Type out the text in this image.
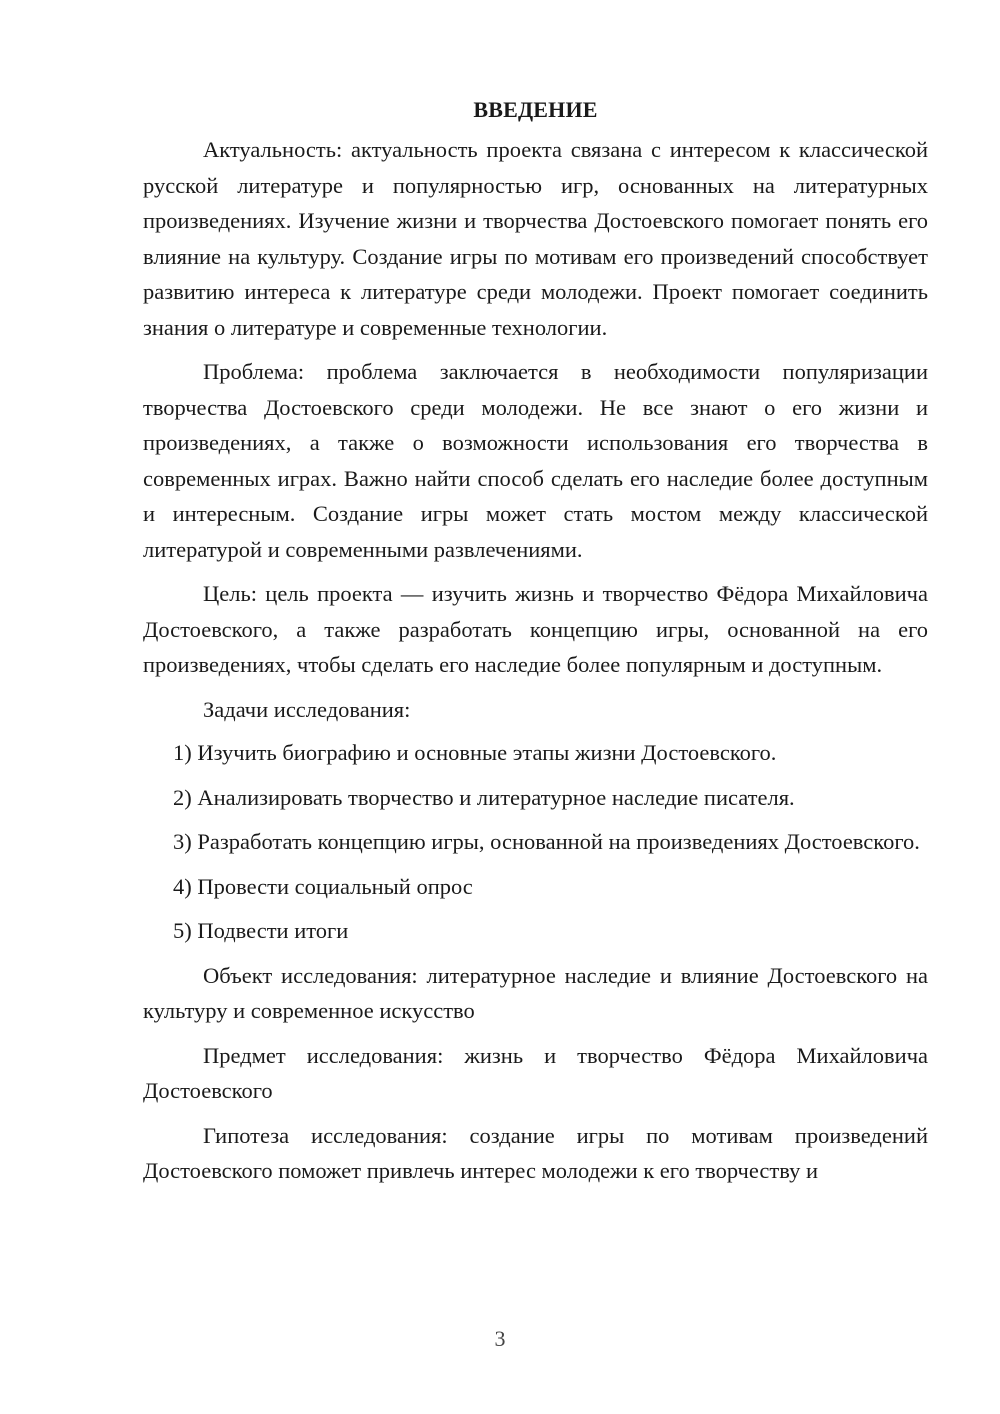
ВВЕДЕНИЕ

Актуальность: актуальность проекта связана с интересом к классической русской литературе и популярностью игр, основанных на литературных произведениях. Изучение жизни и творчества Достоевского помогает понять его влияние на культуру. Создание игры по мотивам его произведений способствует развитию интереса к литературе среди молодежи. Проект помогает соединить знания о литературе и современные технологии.

Проблема: проблема заключается в необходимости популяризации творчества Достоевского среди молодежи. Не все знают о его жизни и произведениях, а также о возможности использования его творчества в современных играх. Важно найти способ сделать его наследие более доступным и интересным. Создание игры может стать мостом между классической литературой и современными развлечениями.

Цель: цель проекта — изучить жизнь и творчество Фёдора Михайловича Достоевского, а также разработать концепцию игры, основанной на его произведениях, чтобы сделать его наследие более популярным и доступным.

Задачи исследования:

1) Изучить биографию и основные этапы жизни Достоевского.

2) Анализировать творчество и литературное наследие писателя.

3) Разработать концепцию игры, основанной на произведениях Достоевского.

4) Провести социальный опрос

5) Подвести итоги

Объект исследования: литературное наследие и влияние Достоевского на культуру и современное искусство

Предмет исследования: жизнь и творчество Фёдора Михайловича Достоевского

Гипотеза исследования: создание игры по мотивам произведений Достоевского поможет привлечь интерес молодежи к его творчеству и

3
